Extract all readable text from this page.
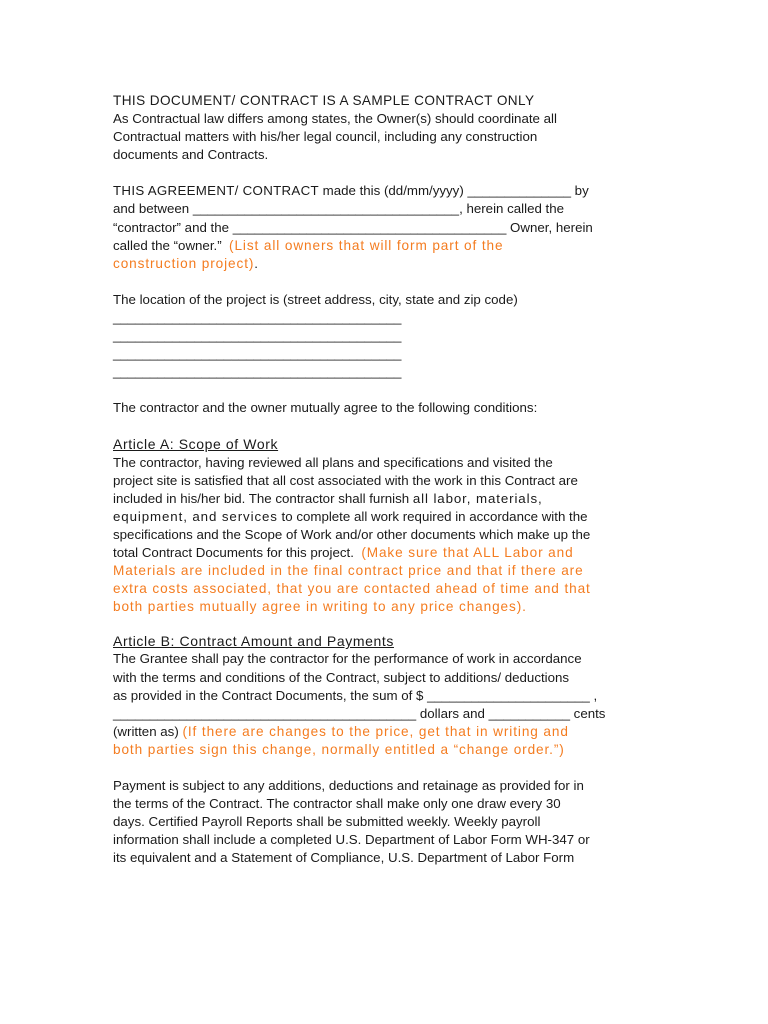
THIS DOCUMENT/ CONTRACT IS A SAMPLE CONTRACT ONLY
As Contractual law differs among states, the Owner(s) should coordinate all
Contractual matters with his/her legal council, including any construction
documents and Contracts.
THIS AGREEMENT/ CONTRACT made this (dd/mm/yyyy) ______________ by
and between ____________________________________, herein called the
“contractor” and the _____________________________________ Owner, herein
called the “owner.”  (List all owners that will form part of the
construction project).
The location of the project is (street address, city, state and zip code)
_______________________________________
_______________________________________
_______________________________________
_______________________________________
The contractor and the owner mutually agree to the following conditions:
Article A: Scope of Work
The contractor, having reviewed all plans and specifications and visited the
project site is satisfied that all cost associated with the work in this Contract are
included in his/her bid. The contractor shall furnish all labor, materials,
equipment, and services to complete all work required in accordance with the
specifications and the Scope of Work and/or other documents which make up the
total Contract Documents for this project.  (Make sure that ALL Labor and
Materials are included in the final contract price and that if there are
extra costs associated, that you are contacted ahead of time and that
both parties mutually agree in writing to any price changes).
Article B: Contract Amount and Payments
The Grantee shall pay the contractor for the performance of work in accordance
with the terms and conditions of the Contract, subject to additions/ deductions
as provided in the Contract Documents, the sum of $ ______________________ ,
_________________________________________ dollars and ___________ cents
(written as) (If there are changes to the price, get that in writing and
both parties sign this change, normally entitled a “change order.”)
Payment is subject to any additions, deductions and retainage as provided for in
the terms of the Contract. The contractor shall make only one draw every 30
days. Certified Payroll Reports shall be submitted weekly. Weekly payroll
information shall include a completed U.S. Department of Labor Form WH-347 or
its equivalent and a Statement of Compliance, U.S. Department of Labor Form
